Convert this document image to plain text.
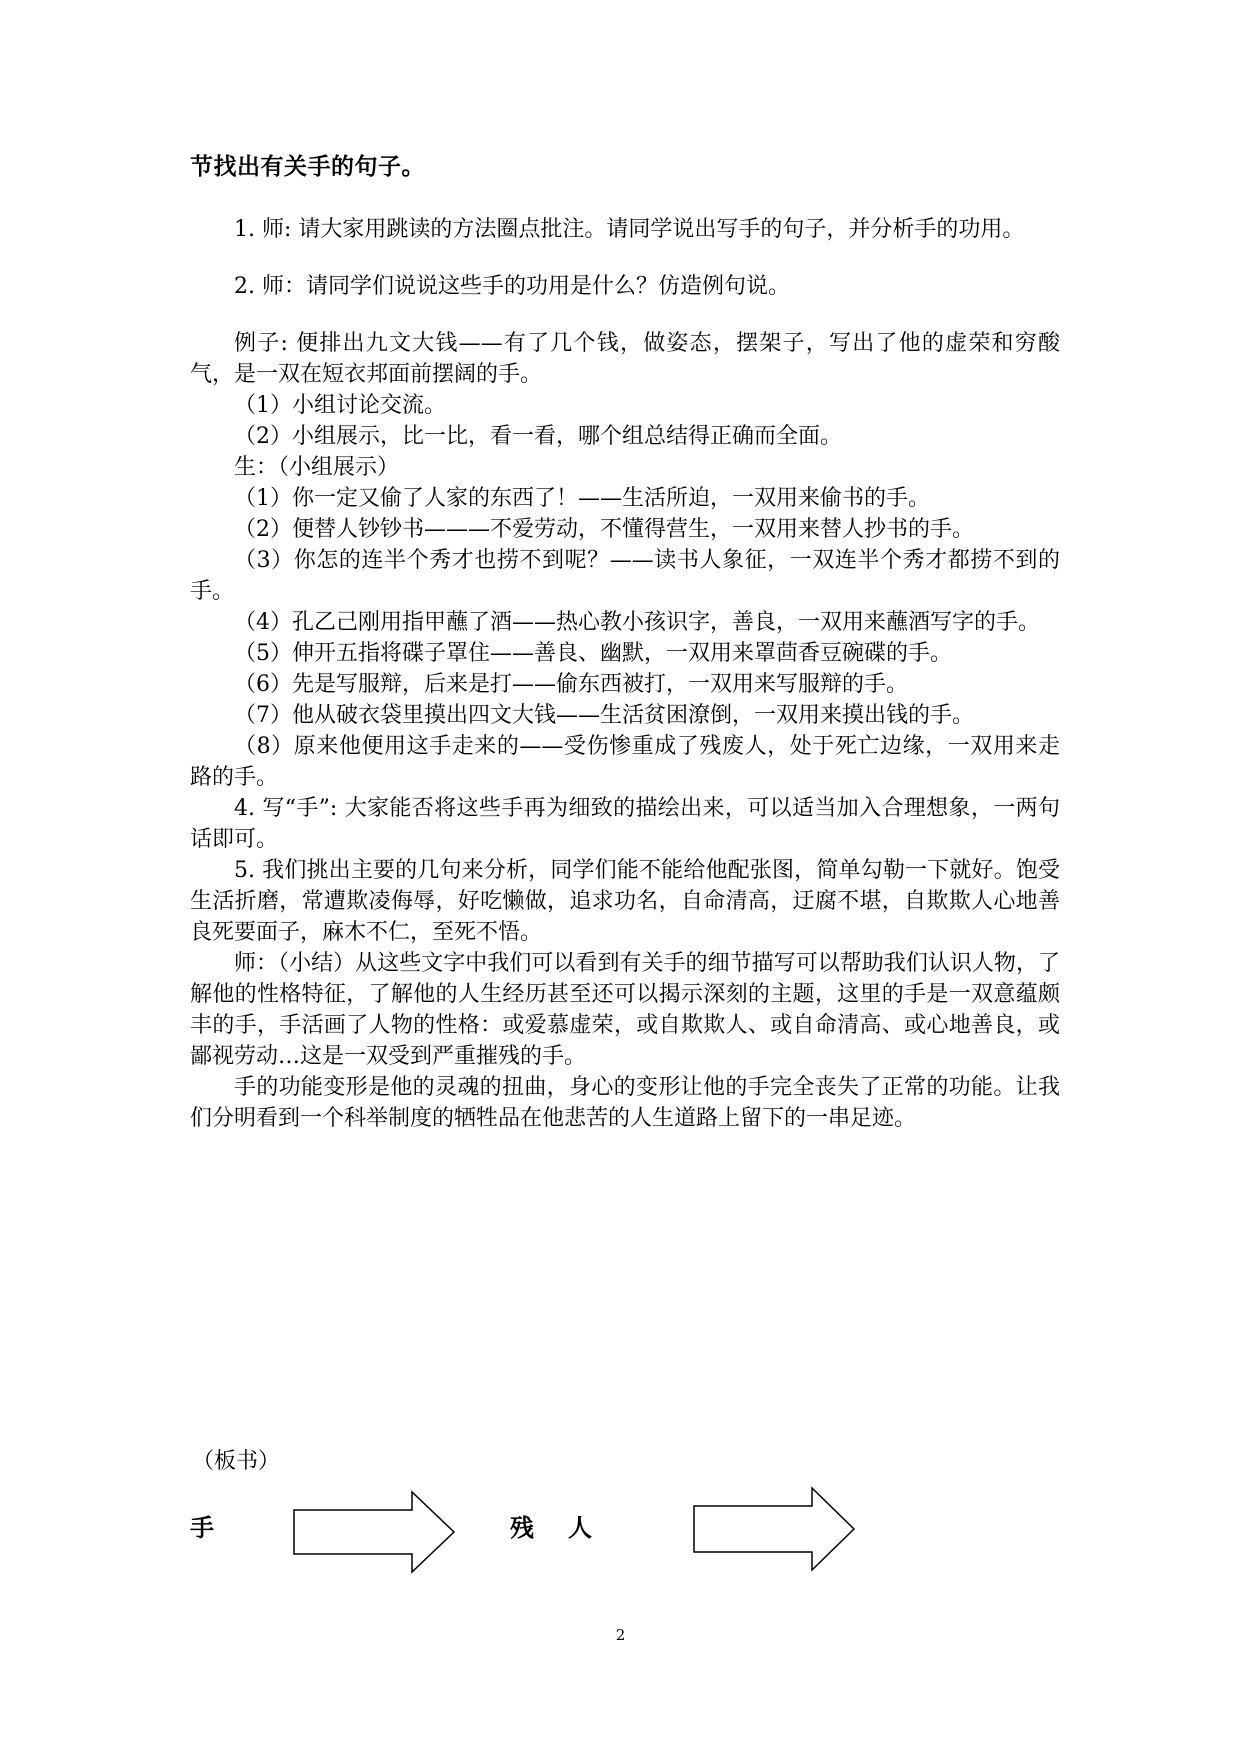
节找出有关手的句子。

1. 师: 请大家用跳读的方法圈点批注。请同学说出写手的句子，并分析手的功用。

2. 师：请同学们说说这些手的功用是什么？仿造例句说。

例子: 便排出九文大钱——有了几个钱，做姿态，摆架子，写出了他的虚荣和穷酸气，是一双在短衣邦面前摆阔的手。

（1）小组讨论交流。

（2）小组展示，比一比，看一看，哪个组总结得正确而全面。

生：（小组展示）

（1）你一定又偷了人家的东西了！——生活所迫，一双用来偷书的手。

（2）便替人钞钞书———不爱劳动，不懂得营生，一双用来替人抄书的手。

（3）你怎的连半个秀才也捞不到呢？——读书人象征，一双连半个秀才都捞不到的手。

（4）孔乙己刚用指甲蘸了酒——热心教小孩识字，善良，一双用来蘸酒写字的手。

（5）伸开五指将碟子罩住——善良、幽默，一双用来罩茴香豆碗碟的手。

（6）先是写服辩，后来是打——偷东西被打，一双用来写服辩的手。

（7）他从破衣袋里摸出四文大钱——生活贫困潦倒，一双用来摸出钱的手。

（8）原来他便用这手走来的——受伤惨重成了残废人，处于死亡边缘，一双用来走路的手。

4. 写“手”: 大家能否将这些手再为细致的描绘出来，可以适当加入合理想象，一两句话即可。

5. 我们挑出主要的几句来分析，同学们能不能给他配张图，简单勾勒一下就好。饱受生活折磨，常遭欺凌侮辱，好吃懒做，追求功名，自命清高，迂腐不堪，自欺欺人心地善良死要面子，麻木不仁，至死不悟。

师：（小结）从这些文字中我们可以看到有关手的细节描写可以帮助我们认识人物，了解他的性格特征，了解他的人生经历甚至还可以揭示深刻的主题，这里的手是一双意蕴颇丰的手，手活画了人物的性格：或爱慕虚荣，或自欺欺人、或自命清高、或心地善良，或鄙视劳动…这是一双受到严重摧残的手。

手的功能变形是他的灵魂的扭曲，身心的变形让他的手完全丧失了正常的功能。让我们分明看到一个科举制度的牺牲品在他悲苦的人生道路上留下的一串足迹。

（板书）
手	残人
2
